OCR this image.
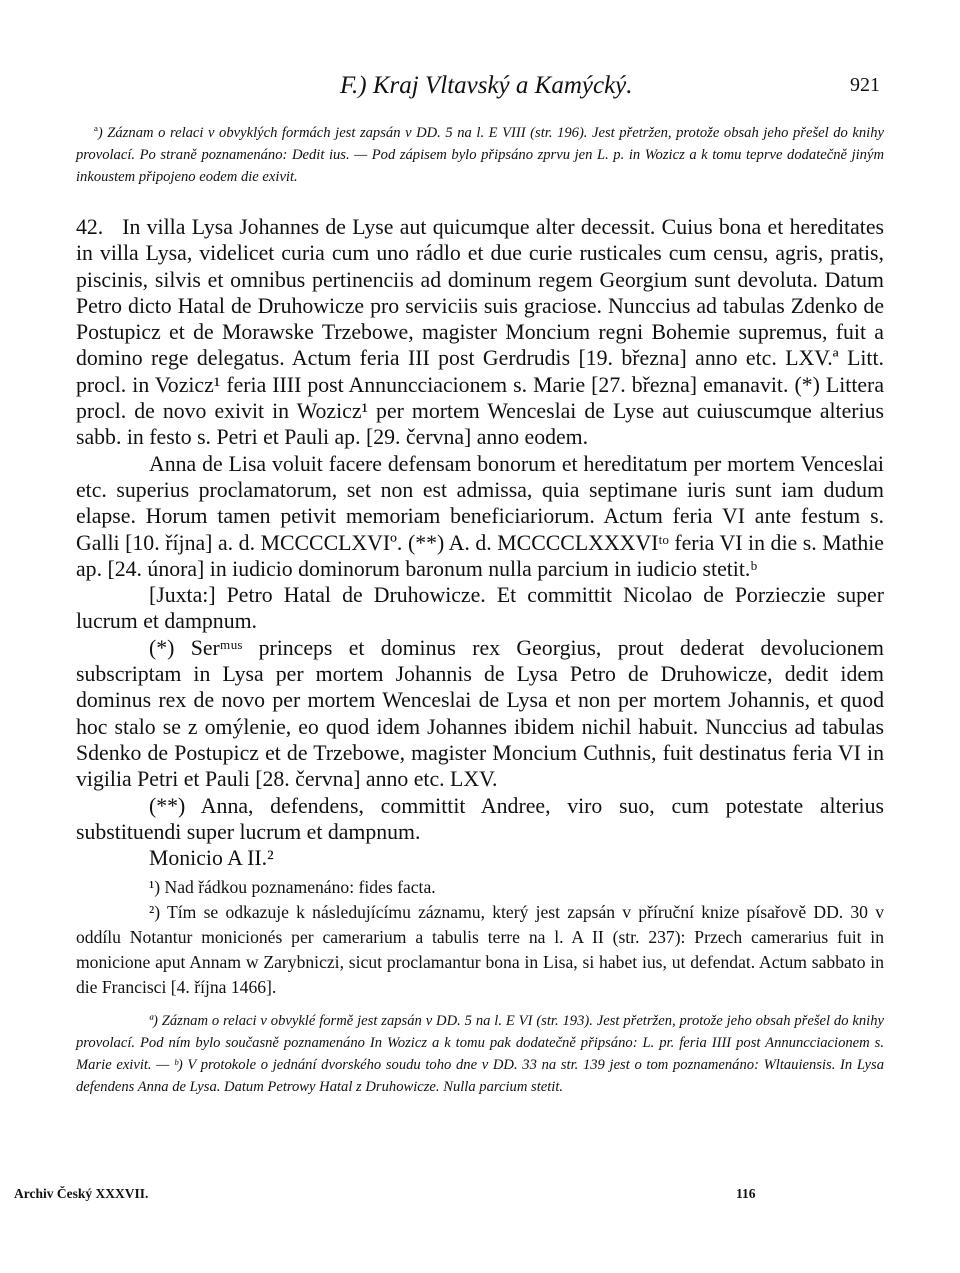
F.) Kraj Vltavský a Kamýcký.	921
$^a$) Záznam o relaci v obvyklých formách jest zapsán v DD. 5 na l. E VIII (str. 196). Jest přetržen, protože obsah jeho přešel do knihy provolací. Po straně poznamenáno: Dedit ius. — Pod zápisem bylo připsáno zprvu jen L. p. in Wozicz a k tomu teprve dodatečně jiným inkoustem připojeno eodem die exivit.

42. In villa Lysa Johannes de Lyse aut quicumque alter decessit. Cuius bona et hereditates in villa Lysa, videlicet curia cum uno rádlo et due curie rusticales cum censu, agris, pratis, piscinis, silvis et omnibus pertinenciis ad dominum regem Georgium sunt devoluta. Datum Petro dicto Hatal de Druhowicze pro serviciis suis graciose. Nunccius ad tabulas Zdenko de Postupicz et de Morawske Trzebowe, magister Moncium regni Bohemie supremus, fuit a domino rege delegatus. Actum feria III post Gerdrudis [19. března] anno etc. LXV.ª Litt. procl. in Vozicz¹ feria IIII post Annuncciacionem s. Marie [27. března] emanavit. (*) Littera procl. de novo exivit in Wozicz¹ per mortem Wenceslai de Lyse aut cuiuscumque alterius sabb. in festo s. Petri et Pauli ap. [29. června] anno eodem.

Anna de Lisa voluit facere defensam bonorum et hereditatum per mortem Venceslai etc. superius proclamatorum, set non est admissa, quia septimane iuris sunt iam dudum elapse. Horum tamen petivit memoriam beneficiariorum. Actum feria VI ante festum s. Galli [10. října] a. d. MCCCCLXVIº. (**) A. d. MCCCCLXXXVIᵗᵒ feria VI in die s. Mathie ap. [24. února] in iudicio dominorum baronum nulla parcium in iudicio stetit.ᵇ

[Juxta:] Petro Hatal de Druhowicze. Et committit Nicolao de Porzieczie super lucrum et dampnum.

(*) Serᵐᵘˢ princeps et dominus rex Georgius, prout dederat devolucionem subscriptam in Lysa per mortem Johannis de Lysa Petro de Druhowicze, dedit idem dominus rex de novo per mortem Wenceslai de Lysa et non per mortem Johannis, et quod hoc stalo se z omýlenie, eo quod idem Johannes ibidem nichil habuit. Nunccius ad tabulas Sdenko de Postupicz et de Trzebowe, magister Moncium Cuthnis, fuit destinatus feria VI in vigilia Petri et Pauli [28. června] anno etc. LXV.

(**) Anna, defendens, committit Andree, viro suo, cum potestate alterius substituendi super lucrum et dampnum.

Monicio A II.²

¹) Nad řádkou poznamenáno: fides facta.

²) Tím se odkazuje k následujícímu záznamu, který jest zapsán v příruční knize písařově DD. 30 v oddílu Notantur monicionés per camerarium a tabulis terre na l. A II (str. 237): Przech camerarius fuit in monicione aput Annam w Zarybniczi, sicut proclamantur bona in Lisa, si habet ius, ut defendat. Actum sabbato in die Francisci [4. října 1466].

ª) Záznam o relaci v obvyklé formě jest zapsán v DD. 5 na l. E VI (str. 193). Jest přetržen, protože jeho obsah přešel do knihy provolací. Pod ním bylo současně poznamenáno In Wozicz a k tomu pak dodatečně připsáno: L. pr. feria IIII post Annuncciacionem s. Marie exivit. — ᵇ) V protokole o jednání dvorského soudu toho dne v DD. 33 na str. 139 jest o tom poznamenáno: Wltauiensis. In Lysa defendens Anna de Lysa. Datum Petrowy Hatal z Druhowicze. Nulla parcium stetit.
Archiv Český XXXVII.	116
